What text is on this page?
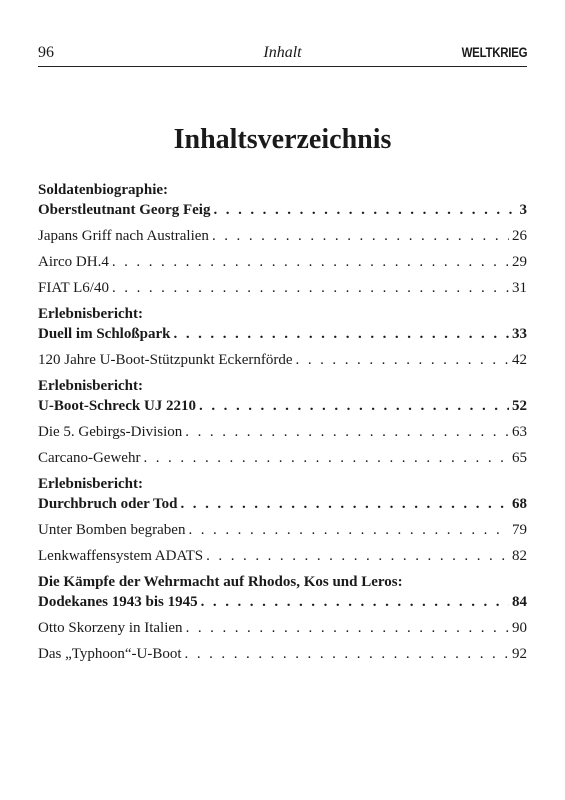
96	Inhalt	WELTKRIEG
Inhaltsverzeichnis
Soldatenbiographie:
Oberstleutnant Georg Feig . . .	3
Japans Griff nach Australien . . .	26
Airco DH.4 . . .	29
FIAT L6/40 . . .	31
Erlebnisbericht:
Duell im Schloßpark . . .	33
120 Jahre U-Boot-Stützpunkt Eckernförde . . .	42
Erlebnisbericht:
U-Boot-Schreck UJ 2210 . . .	52
Die 5. Gebirgs-Division . . .	63
Carcano-Gewehr . . .	65
Erlebnisbericht:
Durchbruch oder Tod . . .	68
Unter Bomben begraben . . .	79
Lenkwaffensystem ADATS . . .	82
Die Kämpfe der Wehrmacht auf Rhodos, Kos und Leros:
Dodekanes 1943 bis 1945 . . .	84
Otto Skorzeny in Italien . . .	90
Das „Typhoon“-U-Boot . . .	92
